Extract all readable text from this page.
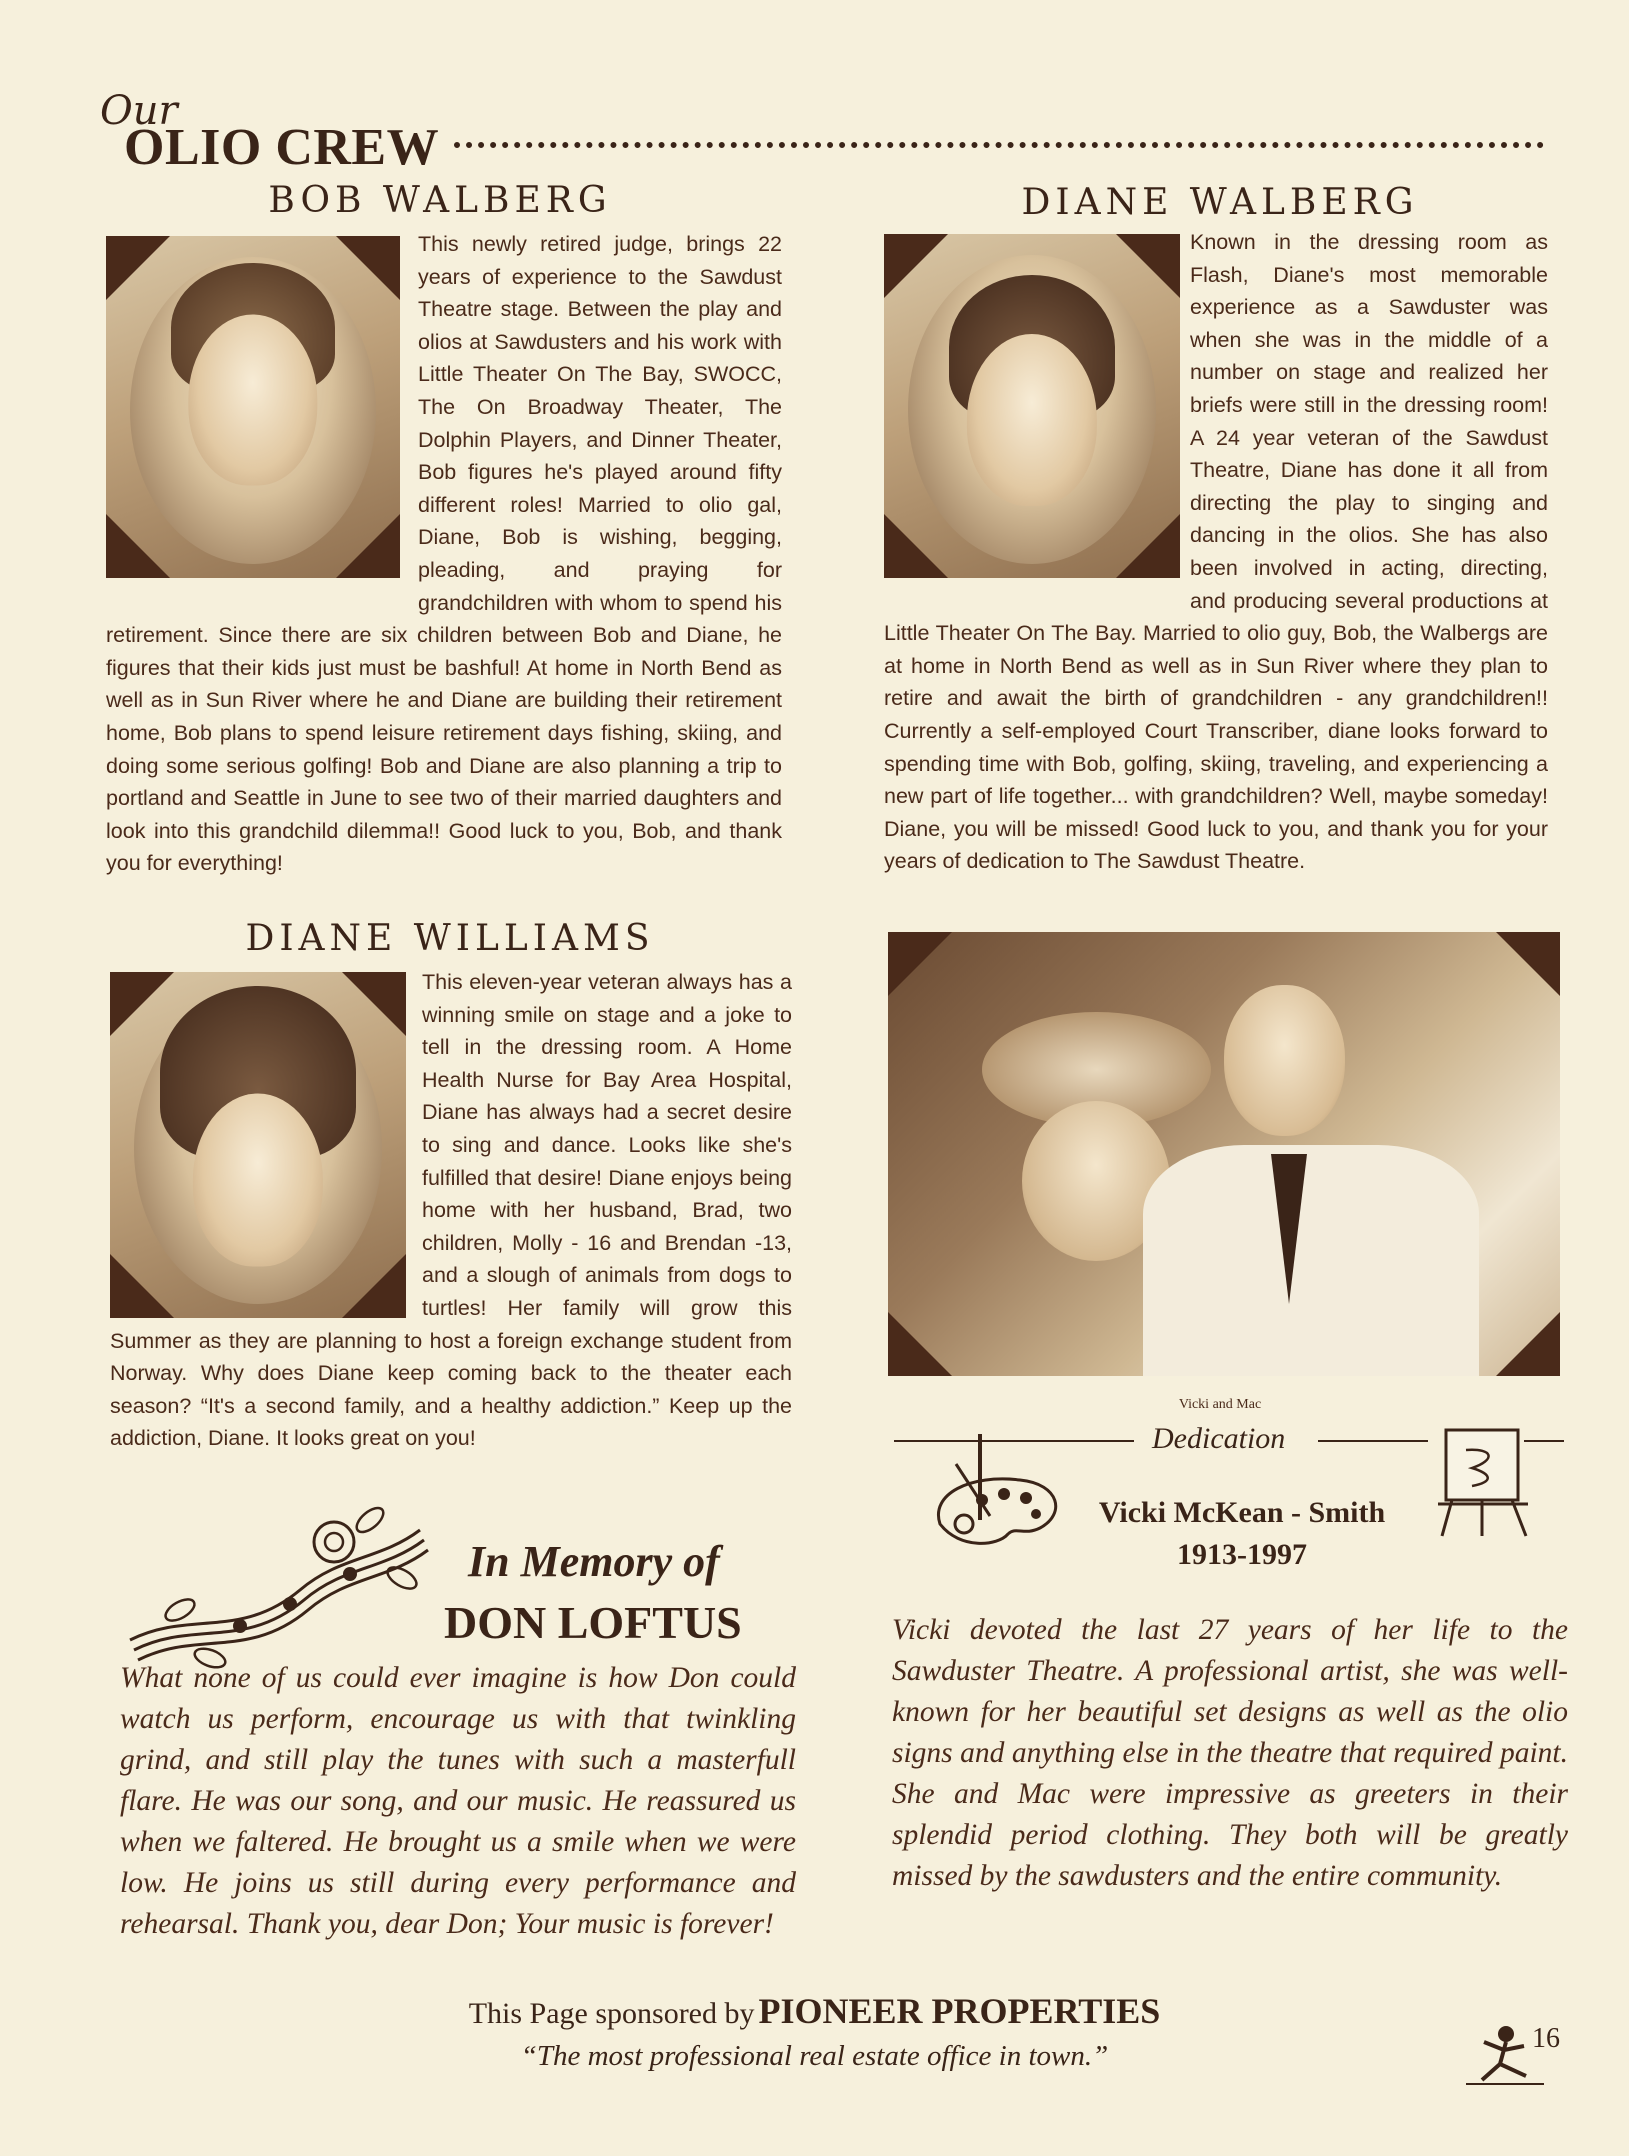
Our
OLIO CREW
BOB WALBERG
This newly retired judge, brings 22 years of experience to the Sawdust Theatre stage. Between the play and olios at Sawdusters and his work with Little Theater On The Bay, SWOCC, The On Broadway Theater, The Dolphin Players, and Dinner Theater, Bob figures he's played around fifty different roles! Married to olio gal, Diane, Bob is wishing, begging, pleading, and praying for grandchildren with whom to spend his retirement. Since there are six children between Bob and Diane, he figures that their kids just must be bashful! At home in North Bend as well as in Sun River where he and Diane are building their retirement home, Bob plans to spend leisure retirement days fishing, skiing, and doing some serious golfing! Bob and Diane are also planning a trip to portland and Seattle in June to see two of their married daughters and look into this grandchild dilemma!! Good luck to you, Bob, and thank you for everything!
DIANE WALBERG
Known in the dressing room as Flash, Diane's most memorable experience as a Sawduster was when she was in the middle of a number on stage and realized her briefs were still in the dressing room! A 24 year veteran of the Sawdust Theatre, Diane has done it all from directing the play to singing and dancing in the olios. She has also been involved in acting, directing, and producing several productions at Little Theater On The Bay. Married to olio guy, Bob, the Walbergs are at home in North Bend as well as in Sun River where they plan to retire and await the birth of grandchildren - any grandchildren!! Currently a self-employed Court Transcriber, diane looks forward to spending time with Bob, golfing, skiing, traveling, and experiencing a new part of life together... with grandchildren? Well, maybe someday! Diane, you will be missed! Good luck to you, and thank you for your years of dedication to The Sawdust Theatre.
DIANE WILLIAMS
This eleven-year veteran always has a winning smile on stage and a joke to tell in the dressing room. A Home Health Nurse for Bay Area Hospital, Diane has always had a secret desire to sing and dance. Looks like she's fulfilled that desire! Diane enjoys being home with her husband, Brad, two children, Molly - 16 and Brendan -13, and a slough of animals from dogs to turtles! Her family will grow this Summer as they are planning to host a foreign exchange student from Norway. Why does Diane keep coming back to the theater each season? “It's a second family, and a healthy addiction.” Keep up the addiction, Diane. It looks great on you!
Vicki and Mac
Dedication
Vicki McKean - Smith
1913-1997
Vicki devoted the last 27 years of her life to the Sawduster Theatre. A professional artist, she was well-known for her beautiful set designs as well as the olio signs and anything else in the theatre that required paint. She and Mac were impressive as greeters in their splendid period clothing. They both will be greatly missed by the sawdusters and the entire community.
In Memory of
DON LOFTUS
What none of us could ever imagine is how Don could watch us perform, encourage us with that twinkling grind, and still play the tunes with such a masterfull flare. He was our song, and our music. He reassured us when we faltered. He brought us a smile when we were low. He joins us still during every performance and rehearsal. Thank you, dear Don; Your music is forever!
This Page sponsored by PIONEER PROPERTIES
“The most professional real estate office in town.”
16
